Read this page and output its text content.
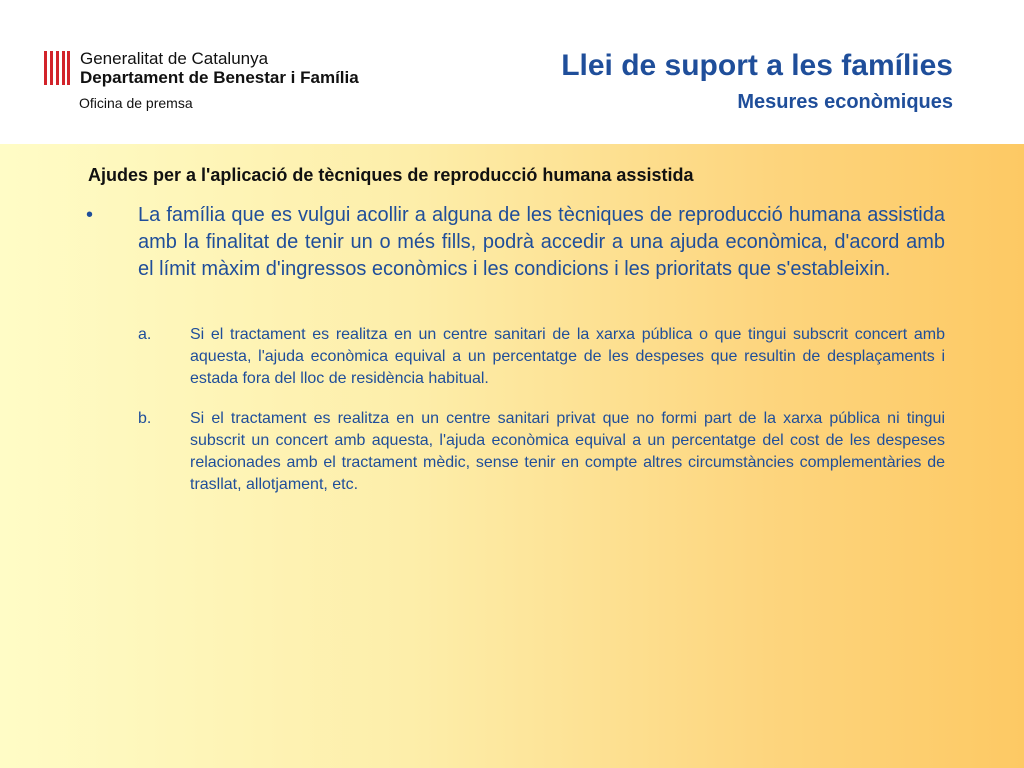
Generalitat de Catalunya
Departament de Benestar i Família
Oficina de premsa
Llei de suport a les famílies
Mesures econòmiques
Ajudes per a l'aplicació de tècniques de reproducció humana assistida
• La família que es vulgui acollir a alguna de les tècniques de reproducció humana assistida amb la finalitat de tenir un o més fills, podrà accedir a una ajuda econòmica, d'acord amb el límit màxim d'ingressos econòmics i les condicions i les prioritats que s'estableixin.
a. Si el tractament es realitza en un centre sanitari de la xarxa pública o que tingui subscrit concert amb aquesta, l'ajuda econòmica equival a un percentatge de les despeses que resultin de desplaçaments i estada fora del lloc de residència habitual.
b. Si el tractament es realitza en un centre sanitari privat que no formi part de la xarxa pública ni tingui subscrit un concert amb aquesta, l'ajuda econòmica equival a un percentatge del cost de les despeses relacionades amb el tractament mèdic, sense tenir en compte altres circumstàncies complementàries de trasllat, allotjament, etc.
